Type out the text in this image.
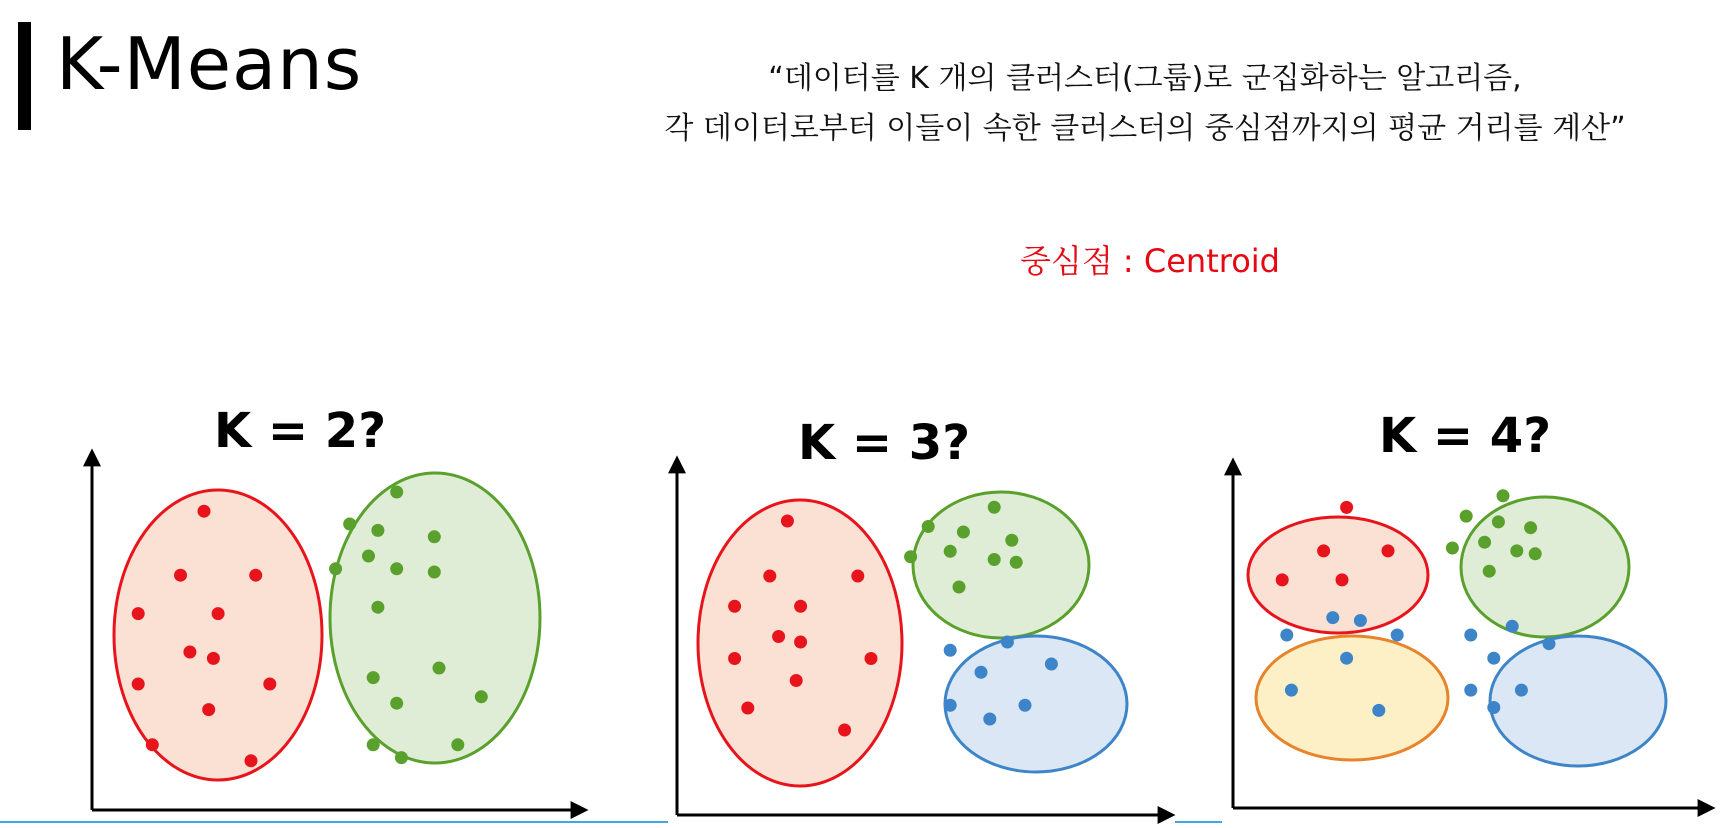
K-Means	“데이터를 K 개의 클러스터(그룹)로 군집화하는 알고리즘,
각 데이터로부터 이들이 속한 클러스터의 중심점까지의 평균 거리를 계산”
중심점 : Centroid
K = 2?	K = 3?	K = 4?
